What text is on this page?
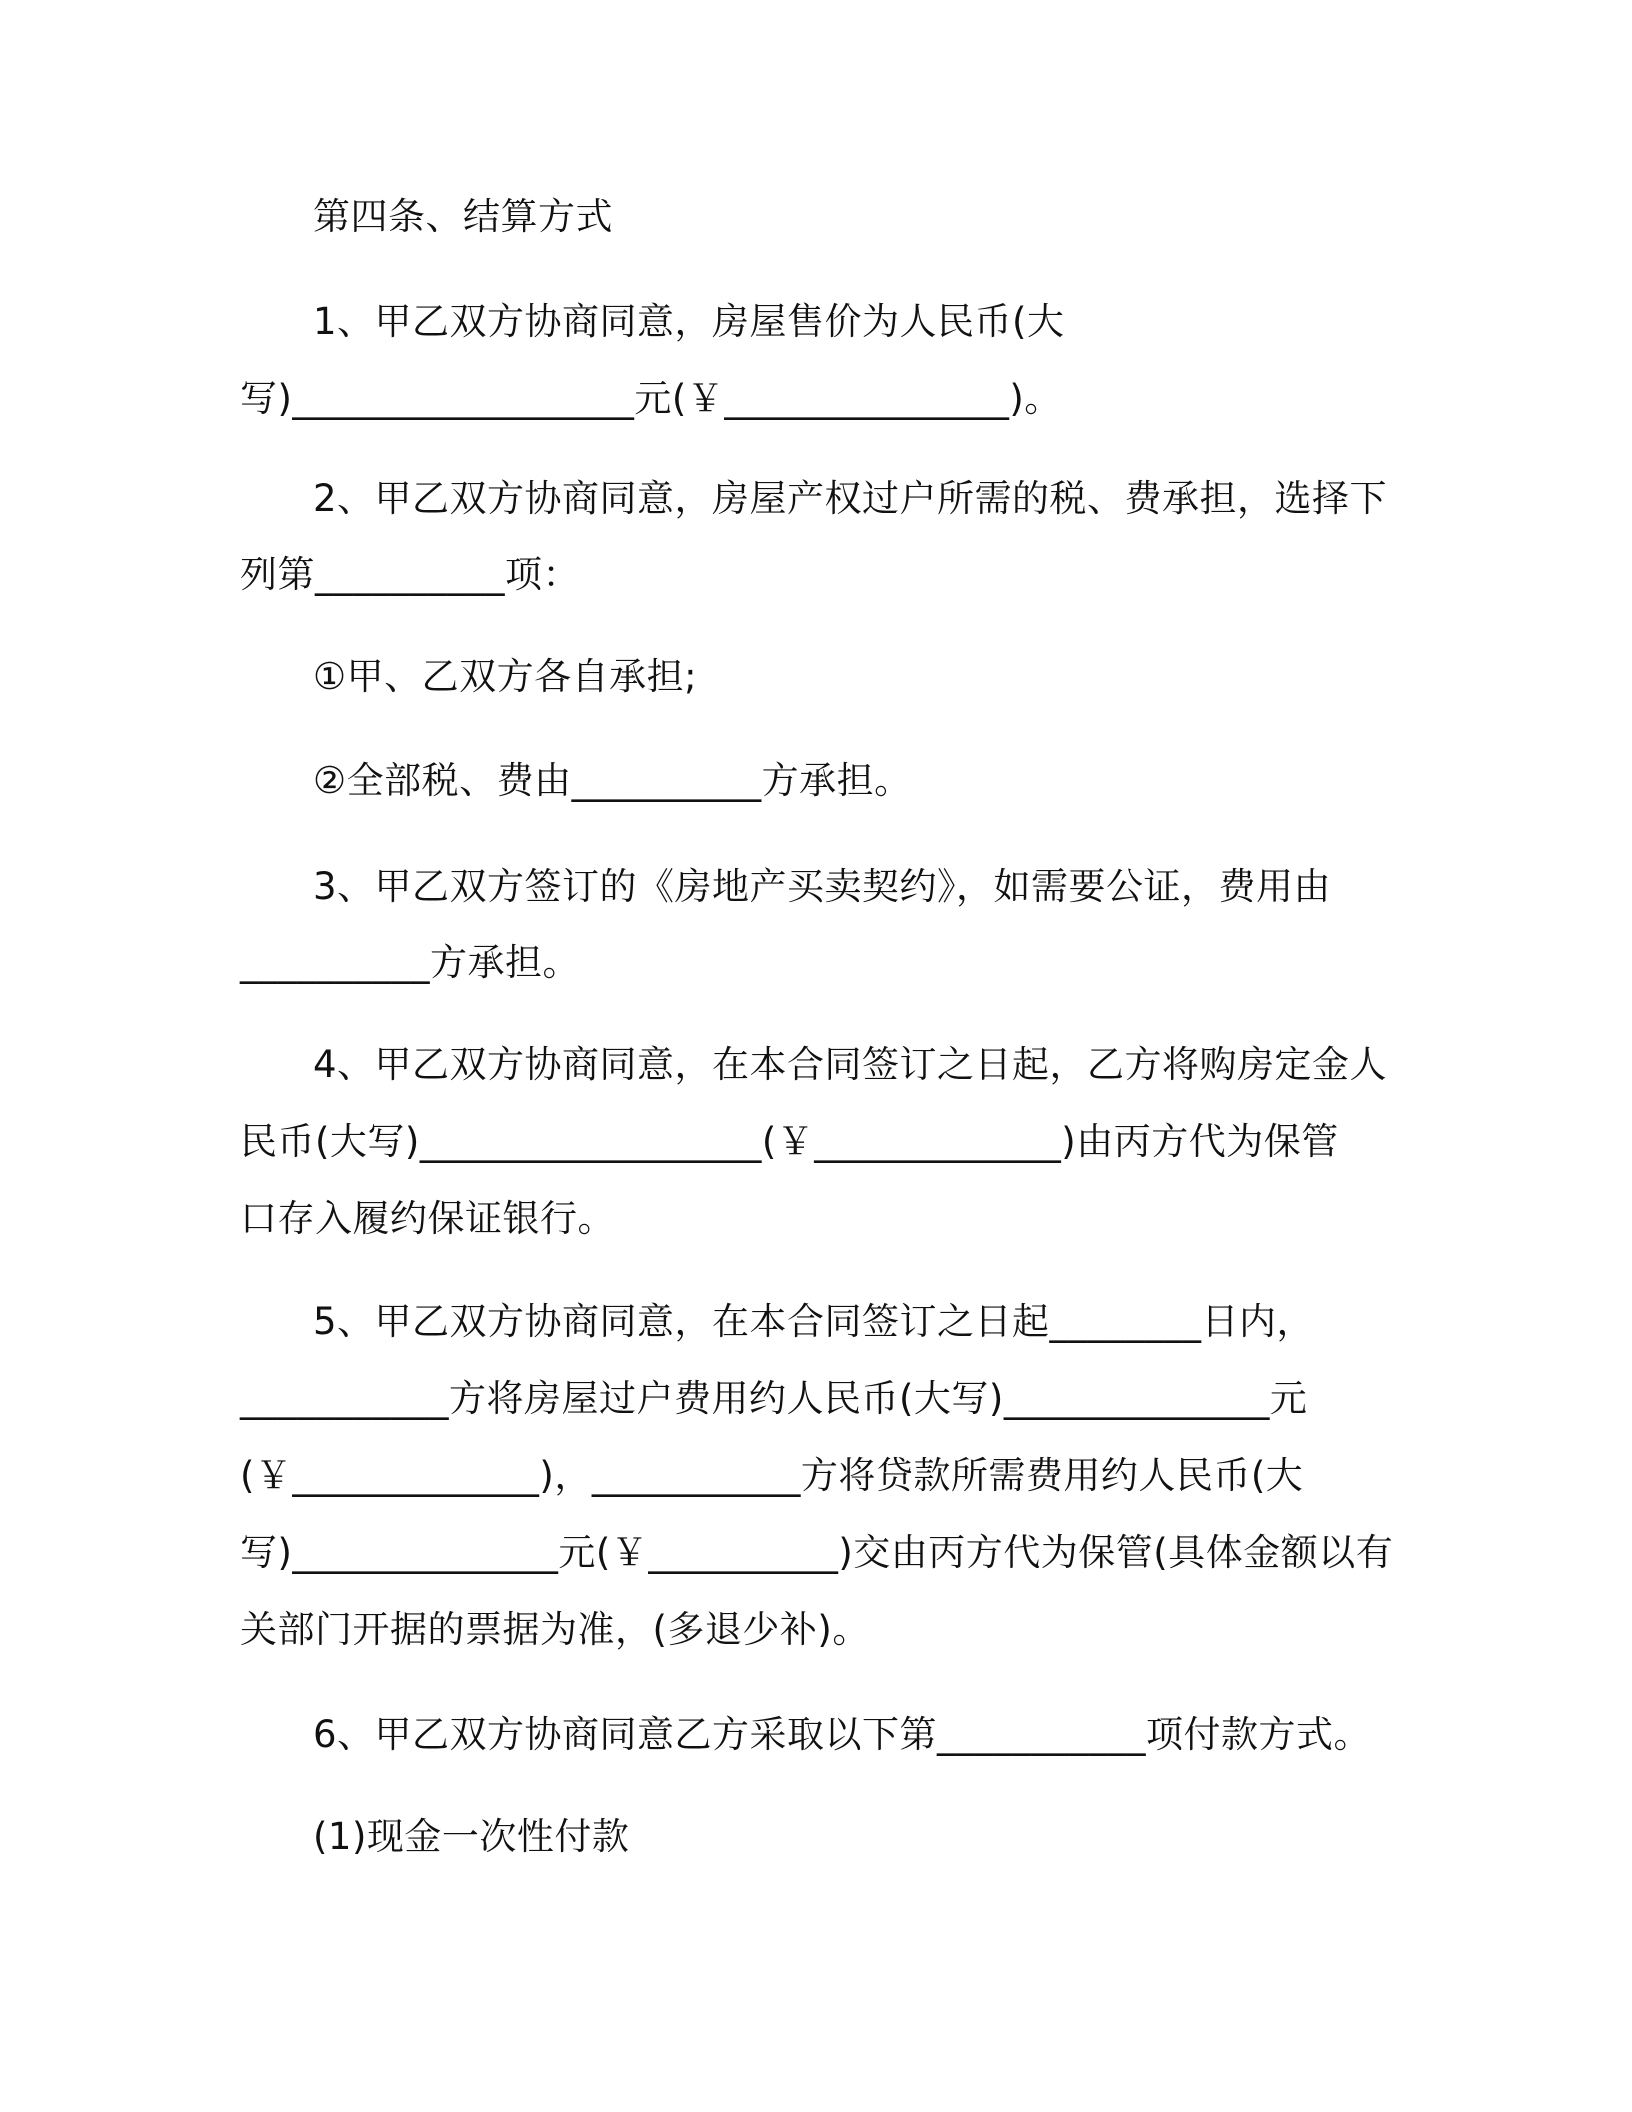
第四条、结算方式
1、甲乙双方协商同意，房屋售价为人民币(大
写)__________________元(￥_______________)。
2、甲乙双方协商同意，房屋产权过户所需的税、费承担，选择下
列第__________项：
①甲、乙双方各自承担;
②全部税、费由__________方承担。
3、甲乙双方签订的《房地产买卖契约》，如需要公证，费用由
__________方承担。
4、甲乙双方协商同意，在本合同签订之日起，乙方将购房定金人
民币(大写)__________________(￥_____________)由丙方代为保管
口存入履约保证银行。
5、甲乙双方协商同意，在本合同签订之日起________日内，
___________方将房屋过户费用约人民币(大写)______________元
(￥_____________)，___________方将贷款所需费用约人民币(大
写)______________元(￥__________)交由丙方代为保管(具体金额以有
关部门开据的票据为准，(多退少补)。
6、甲乙双方协商同意乙方采取以下第___________项付款方式。
(1)现金一次性付款
